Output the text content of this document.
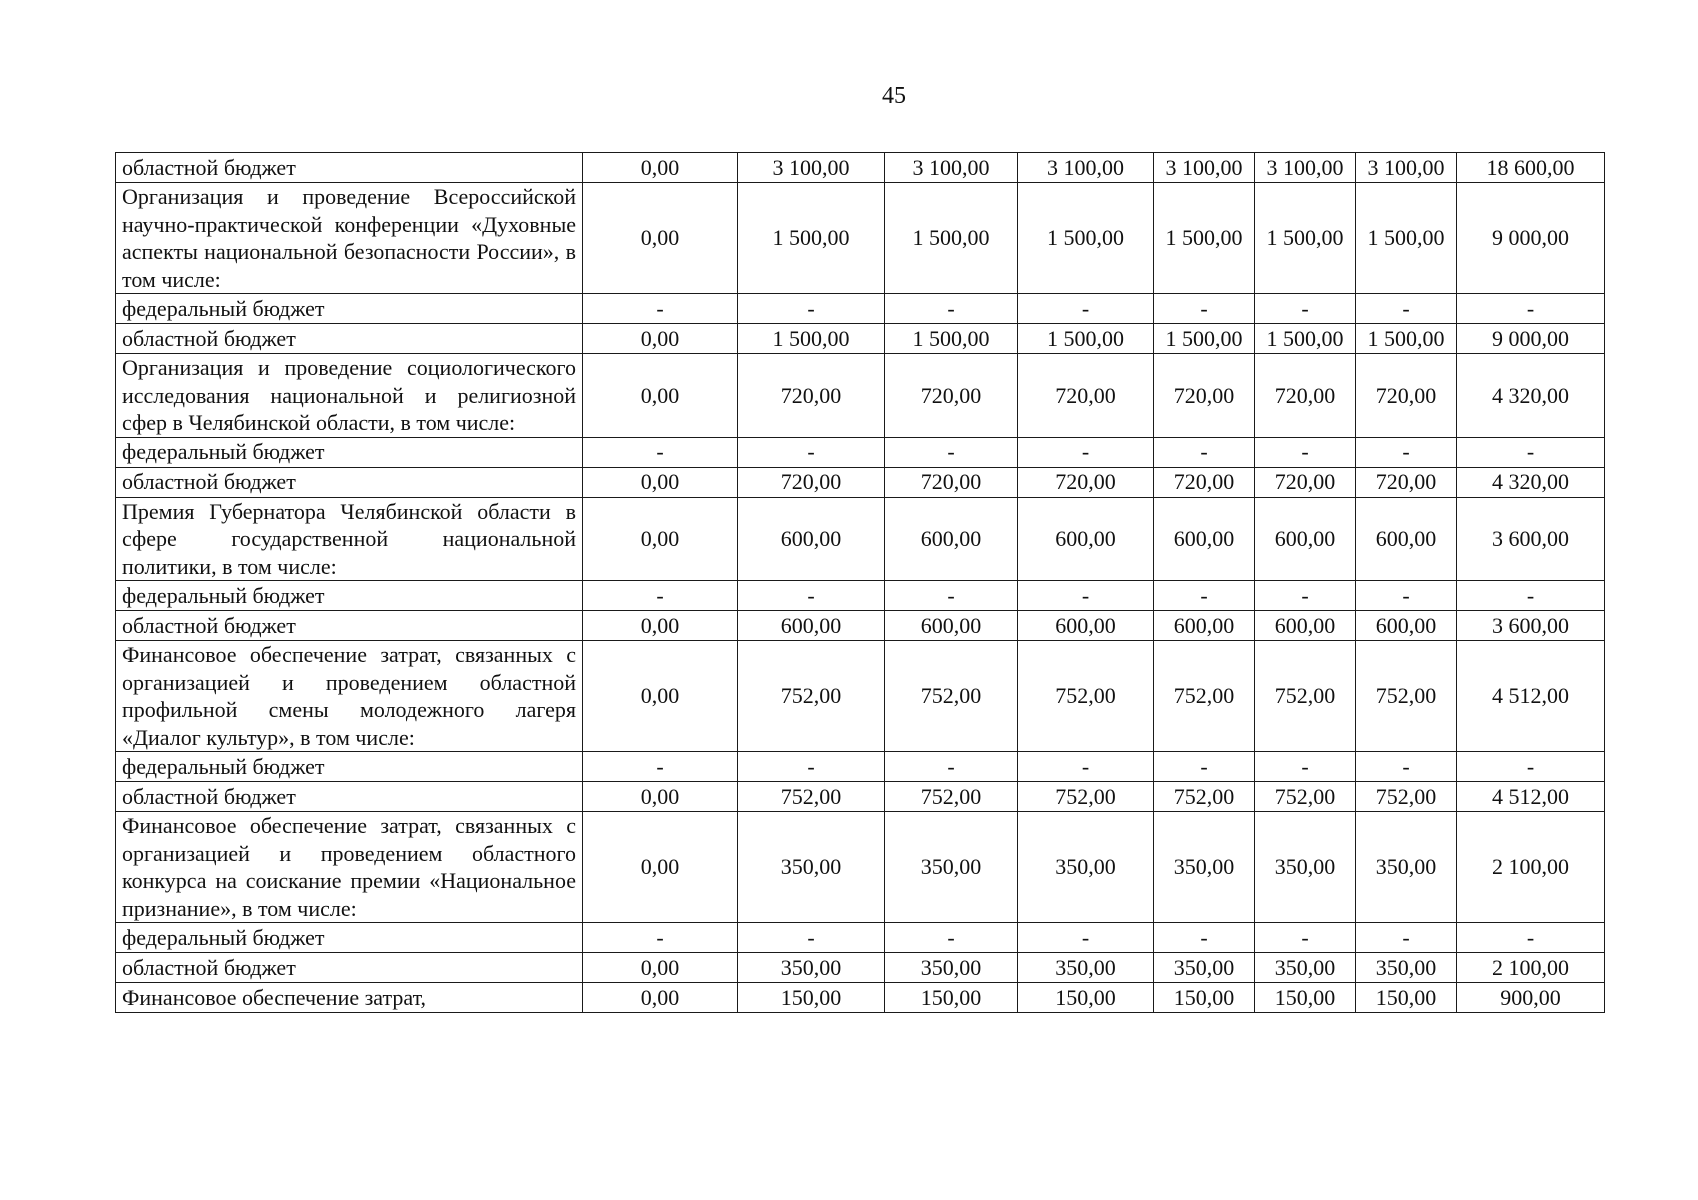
45
областной бюджет	0,00	3 100,00	3 100,00	3 100,00	3 100,00	3 100,00	3 100,00	18 600,00
Организация и проведение Всероссийской научно-практической конференции «Духовные аспекты национальной безопасности России», в том числе:	0,00	1 500,00	1 500,00	1 500,00	1 500,00	1 500,00	1 500,00	9 000,00
федеральный бюджет	-	-	-	-	-	-	-	-
областной бюджет	0,00	1 500,00	1 500,00	1 500,00	1 500,00	1 500,00	1 500,00	9 000,00
Организация и проведение социологического исследования национальной и религиозной сфер в Челябинской области, в том числе:	0,00	720,00	720,00	720,00	720,00	720,00	720,00	4 320,00
федеральный бюджет	-	-	-	-	-	-	-	-
областной бюджет	0,00	720,00	720,00	720,00	720,00	720,00	720,00	4 320,00
Премия Губернатора Челябинской области в сфере государственной национальной политики, в том числе:	0,00	600,00	600,00	600,00	600,00	600,00	600,00	3 600,00
федеральный бюджет	-	-	-	-	-	-	-	-
областной бюджет	0,00	600,00	600,00	600,00	600,00	600,00	600,00	3 600,00
Финансовое обеспечение затрат, связанных с организацией и проведением областной профильной смены молодежного лагеря «Диалог культур», в том числе:	0,00	752,00	752,00	752,00	752,00	752,00	752,00	4 512,00
федеральный бюджет	-	-	-	-	-	-	-	-
областной бюджет	0,00	752,00	752,00	752,00	752,00	752,00	752,00	4 512,00
Финансовое обеспечение затрат, связанных с организацией и проведением областного конкурса на соискание премии «Национальное признание», в том числе:	0,00	350,00	350,00	350,00	350,00	350,00	350,00	2 100,00
федеральный бюджет	-	-	-	-	-	-	-	-
областной бюджет	0,00	350,00	350,00	350,00	350,00	350,00	350,00	2 100,00
Финансовое обеспечение затрат,	0,00	150,00	150,00	150,00	150,00	150,00	150,00	900,00
